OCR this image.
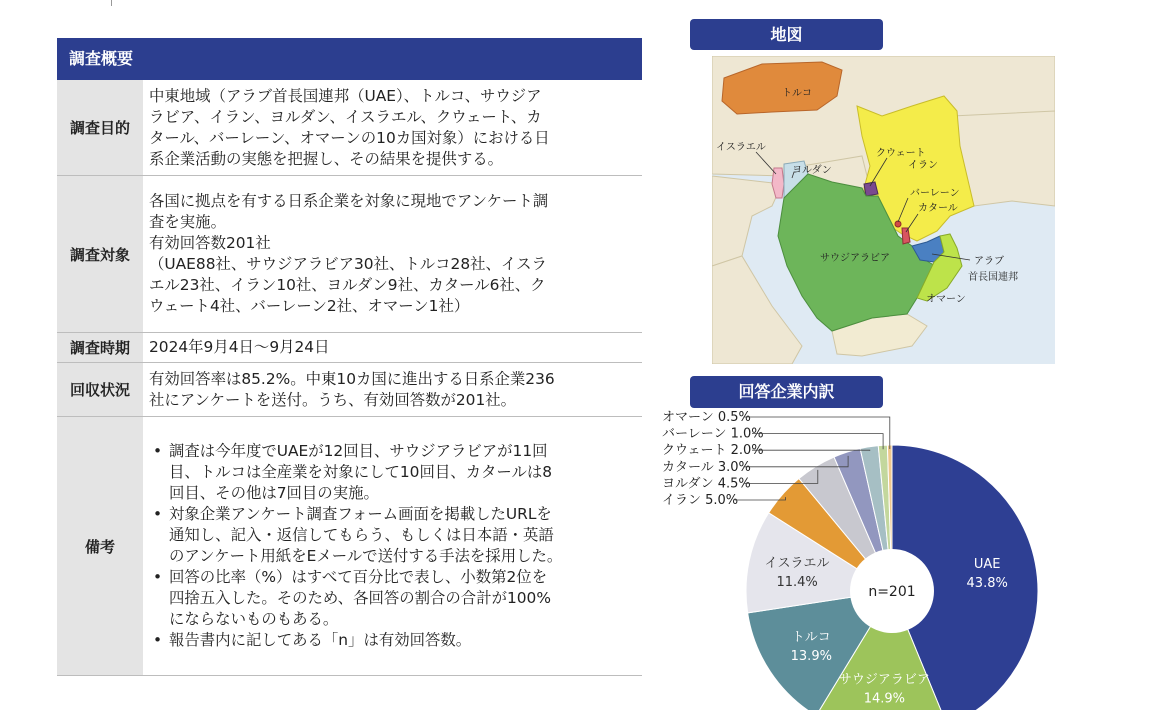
調査概要
調査目的
中東地域（アラブ首長国連邦（UAE）、トルコ、サウジア
ラビア、イラン、ヨルダン、イスラエル、クウェート、カ
タール、バーレーン、オマーンの10カ国対象）における日
系企業活動の実態を把握し、その結果を提供する。
調査対象
各国に拠点を有する日系企業を対象に現地でアンケート調
査を実施。
有効回答数201社
（UAE88社、サウジアラビア30社、トルコ28社、イスラ
エル23社、イラン10社、ヨルダン9社、カタール6社、ク
ウェート4社、バーレーン2社、オマーン1社）
調査時期	2024年9月4日～9月24日
回収状況
有効回答率は85.2%。中東10カ国に進出する日系企業236
社にアンケートを送付。うち、有効回答数が201社。
備考
• 調査は今年度でUAEが12回目、サウジアラビアが11回
目、トルコは全産業を対象にして10回目、カタールは8
回目、その他は7回目の実施。
• 対象企業アンケート調査フォーム画面を掲載したURLを
通知し、記入・返信してもらう、もしくは日本語・英語
のアンケート用紙をEメールで送付する手法を採用した。
• 回答の比率（%）はすべて百分比で表し、小数第2位を
四捨五入した。そのため、各回答の割合の合計が100%
にならないものもある。
• 報告書内に記してある「n」は有効回答数。
地図
トルコ
イスラエル
ヨルダン
クウェート
イラン
バーレーン
カタール
サウジアラビア	アラブ
首長国連邦
オマーン
回答企業内訳
n=201
UAE
43.8%
サウジアラビア
14.9%
トルコ
13.9%
イスラエル
11.4%
イラン 5.0%
ヨルダン 4.5%
カタール 3.0%
クウェート 2.0%
バーレーン 1.0%
オマーン 0.5%
